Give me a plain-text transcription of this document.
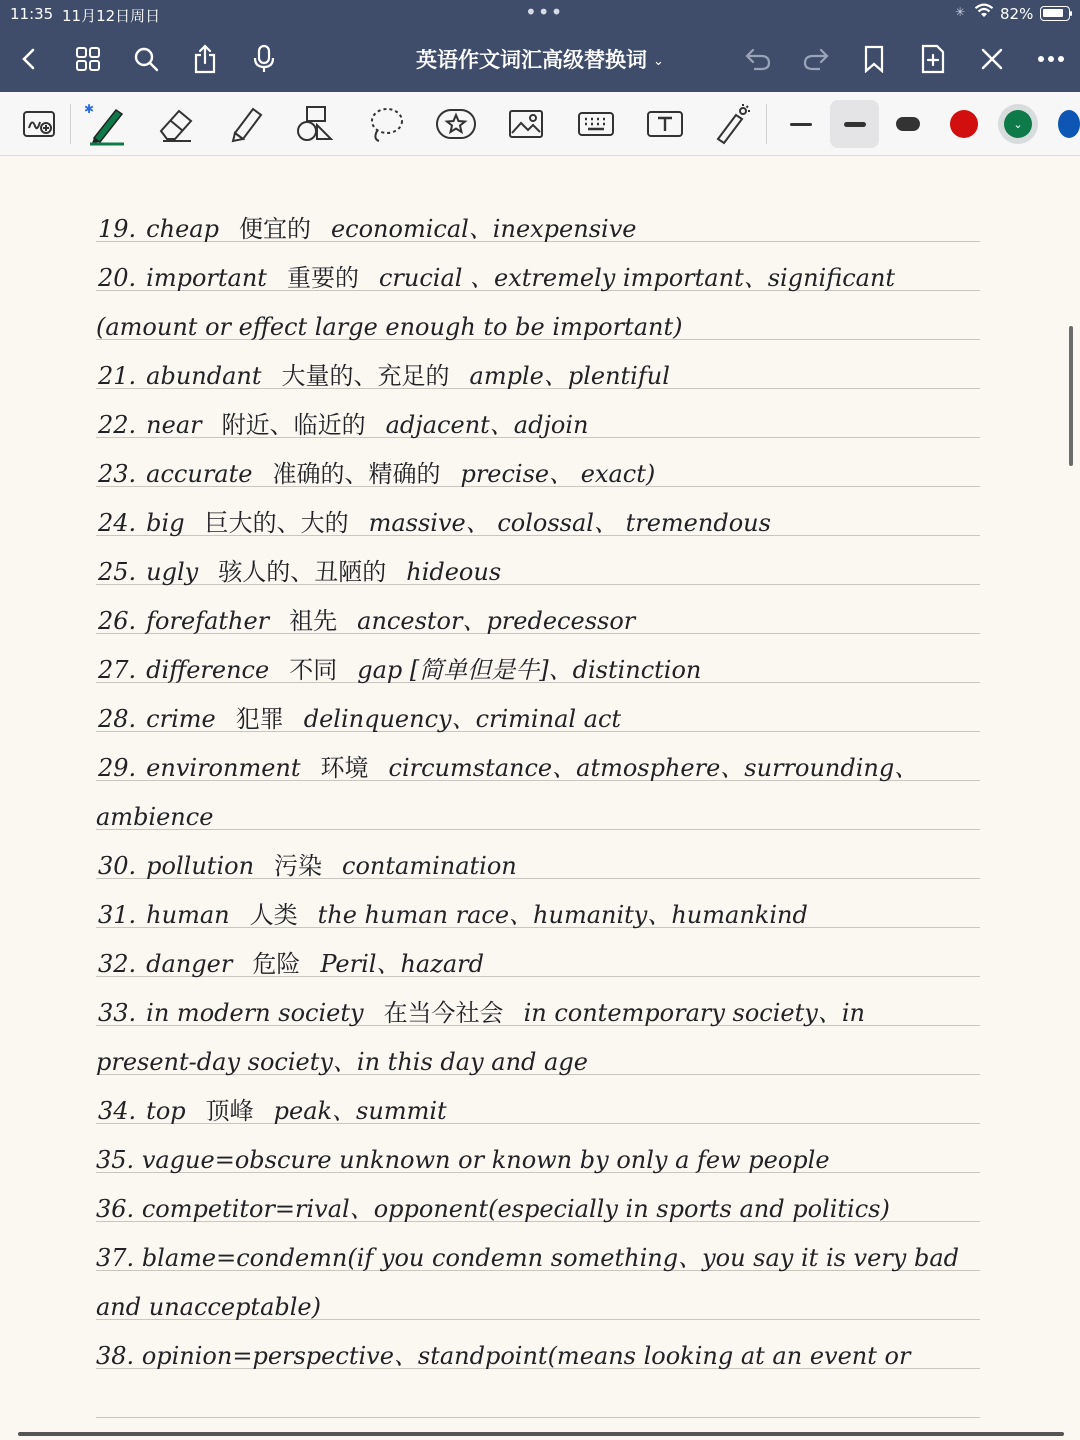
11:35 11月12日周日	•••	✳ 82%
英语作文词汇高级替换词 ⌄
✱
⌄
19. cheap 便宜的 economical、inexpensive
20. important 重要的 crucial 、extremely important、significant
(amount or effect large enough to be important)
21. abundant 大量的、充足的 ample、plentiful
22. near 附近、临近的 adjacent、adjoin
23. accurate 准确的、精确的 precise、 exact)
24. big 巨大的、大的 massive、 colossal、 tremendous
25. ugly 骇人的、丑陋的 hideous
26. forefather 祖先 ancestor、predecessor
27. difference 不同 gap [简单但是牛]、distinction
28. crime 犯罪 delinquency、criminal act
29. environment 环境 circumstance、atmosphere、surrounding、
ambience
30. pollution 污染 contamination
31. human 人类 the human race、humanity、humankind
32. danger 危险 Peril、hazard
33. in modern society 在当今社会 in contemporary society、in
present-day society、in this day and age
34. top 顶峰 peak、summit
35. vague=obscure unknown or known by only a few people
36. competitor=rival、opponent(especially in sports and politics)
37. blame=condemn(if you condemn something、you say it is very bad
and unacceptable)
38. opinion=perspective、standpoint(means looking at an event or
